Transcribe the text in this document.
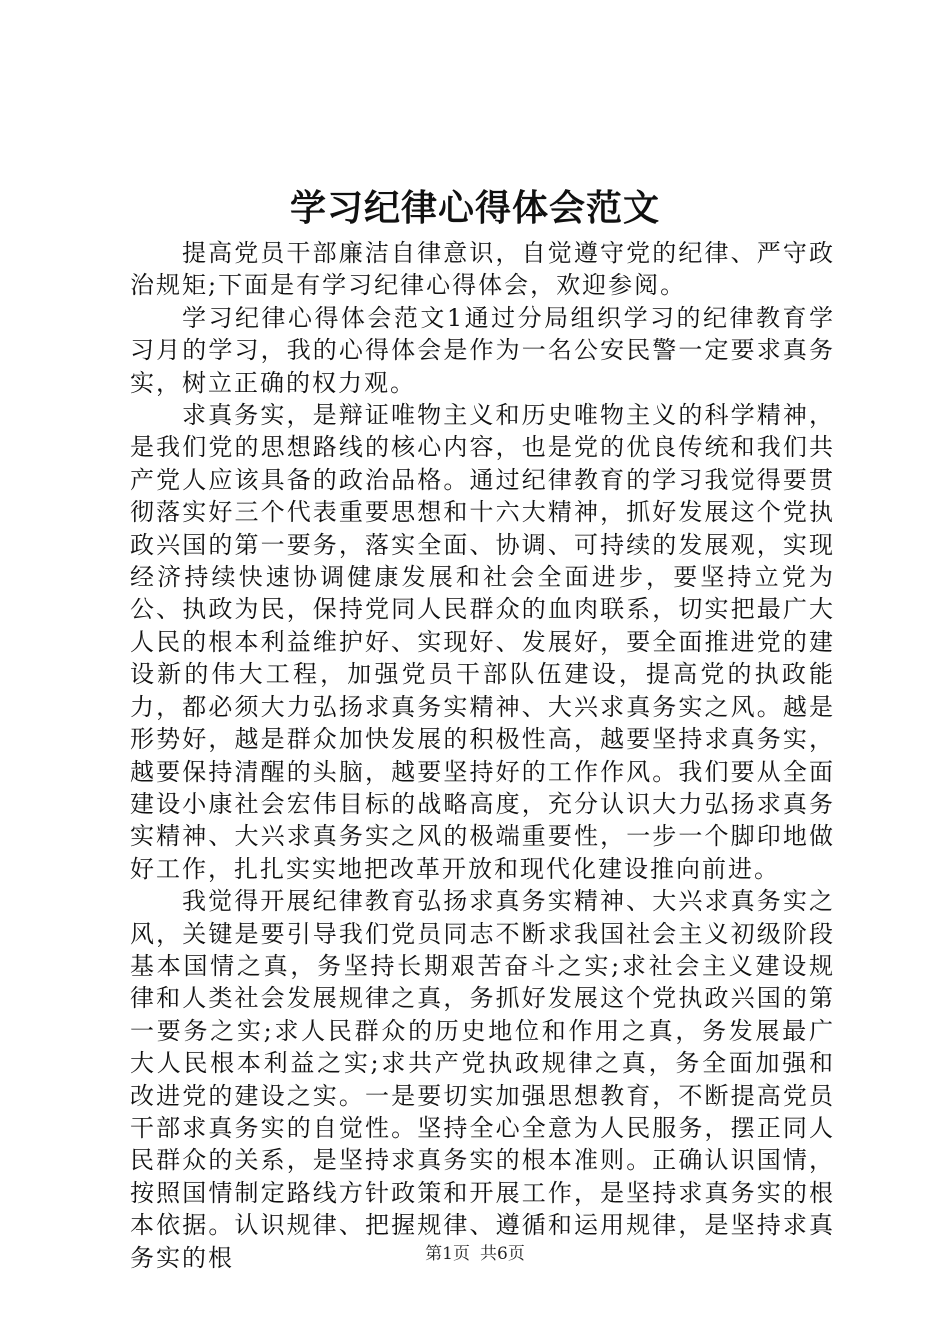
学习纪律心得体会范文

提高党员干部廉洁自律意识，自觉遵守党的纪律、严守政治规矩;下面是有学习纪律心得体会，欢迎参阅。

学习纪律心得体会范文1通过分局组织学习的纪律教育学习月的学习，我的心得体会是作为一名公安民警一定要求真务实，树立正确的权力观。

求真务实，是辩证唯物主义和历史唯物主义的科学精神，是我们党的思想路线的核心内容，也是党的优良传统和我们共产党人应该具备的政治品格。通过纪律教育的学习我觉得要贯彻落实好三个代表重要思想和十六大精神，抓好发展这个党执政兴国的第一要务，落实全面、协调、可持续的发展观，实现经济持续快速协调健康发展和社会全面进步，要坚持立党为公、执政为民，保持党同人民群众的血肉联系，切实把最广大人民的根本利益维护好、实现好、发展好，要全面推进党的建设新的伟大工程，加强党员干部队伍建设，提高党的执政能力，都必须大力弘扬求真务实精神、大兴求真务实之风。越是形势好，越是群众加快发展的积极性高，越要坚持求真务实，越要保持清醒的头脑，越要坚持好的工作作风。我们要从全面建设小康社会宏伟目标的战略高度，充分认识大力弘扬求真务实精神、大兴求真务实之风的极端重要性，一步一个脚印地做好工作，扎扎实实地把改革开放和现代化建设推向前进。

我觉得开展纪律教育弘扬求真务实精神、大兴求真务实之风，关键是要引导我们党员同志不断求我国社会主义初级阶段基本国情之真，务坚持长期艰苦奋斗之实;求社会主义建设规律和人类社会发展规律之真，务抓好发展这个党执政兴国的第一要务之实;求人民群众的历史地位和作用之真，务发展最广大人民根本利益之实;求共产党执政规律之真，务全面加强和改进党的建设之实。一是要切实加强思想教育，不断提高党员干部求真务实的自觉性。坚持全心全意为人民服务，摆正同人民群众的关系，是坚持求真务实的根本准则。正确认识国情，按照国情制定路线方针政策和开展工作，是坚持求真务实的根本依据。认识规律、把握规律、遵循和运用规律，是坚持求真务实的根	第1页 共6页
